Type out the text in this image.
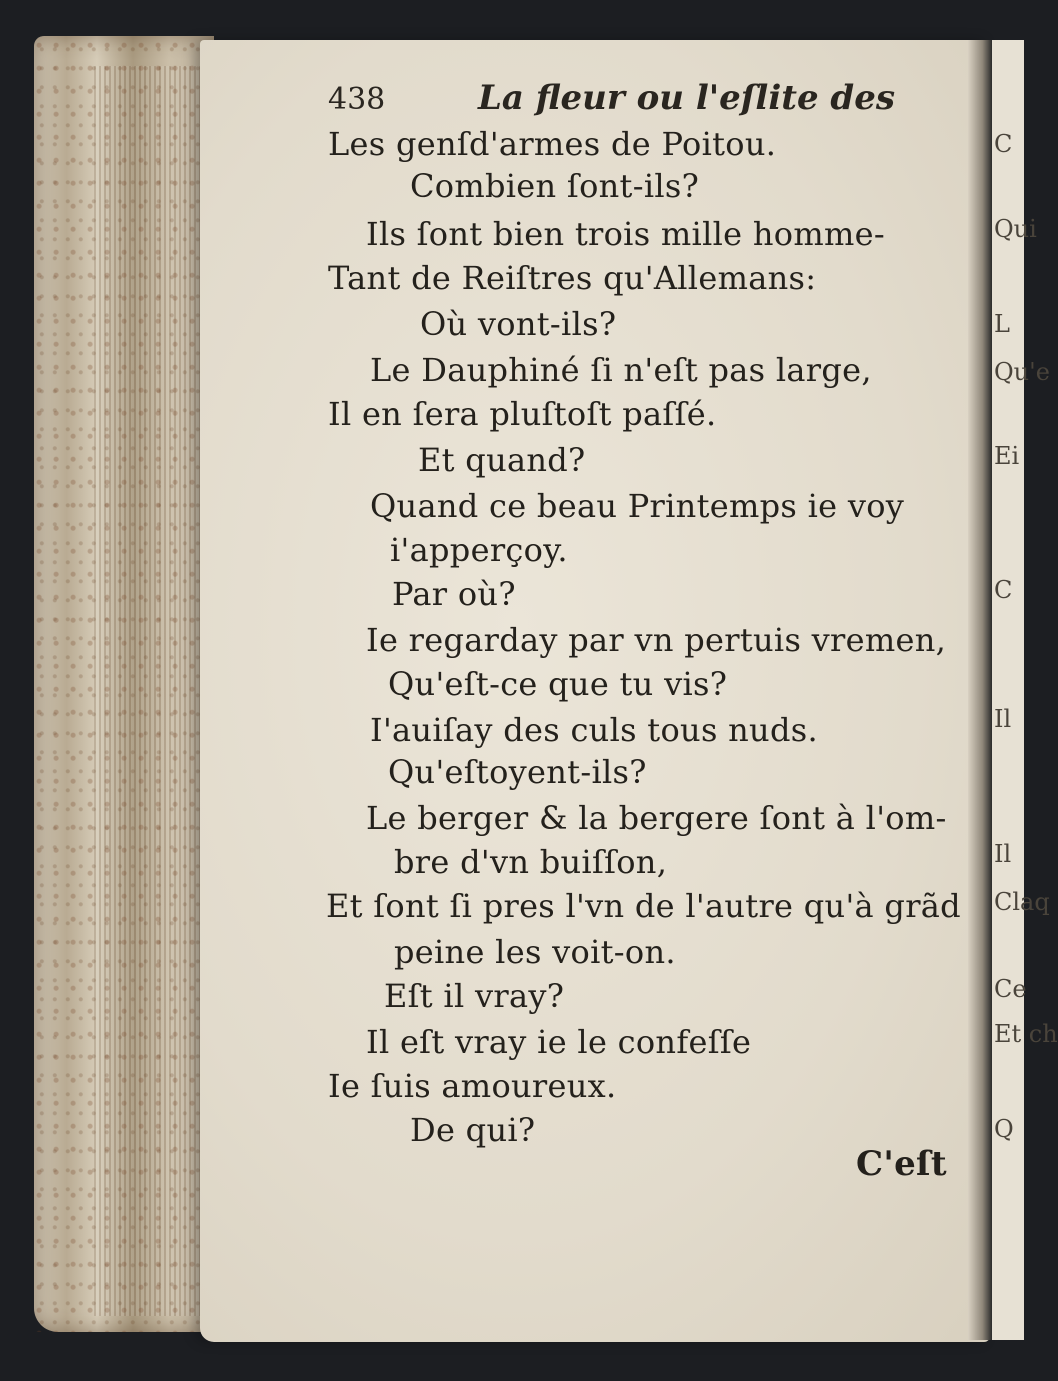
C
Qui
L
Qu'e
Ei
C
Il
Il
Claq
Ce
Et ch
Q
438	La fleur ou l'eſlite des
Les genſd'armes de Poitou.
Combien ſont-ils?
Ils ſont bien trois mille homme-
Tant de Reiſtres qu'Allemans:
Où vont-ils?
Le Dauphiné ſi n'eſt pas large,
Il en ſera pluſtoſt paſſé.
Et quand?
Quand ce beau Printemps ie voy
i'apperçoy.
Par où?
Ie regarday par vn pertuis vremen,
Qu'eſt-ce que tu vis?
I'auiſay des culs tous nuds.
Qu'eſtoyent-ils?
Le berger & la bergere ſont à l'om-
bre d'vn buiſſon,
Et ſont ſi pres l'vn de l'autre qu'à grãd
peine les voit-on.
Eſt il vray?
Il eſt vray ie le confeſſe
Ie ſuis amoureux.
De qui?
C'eſt
